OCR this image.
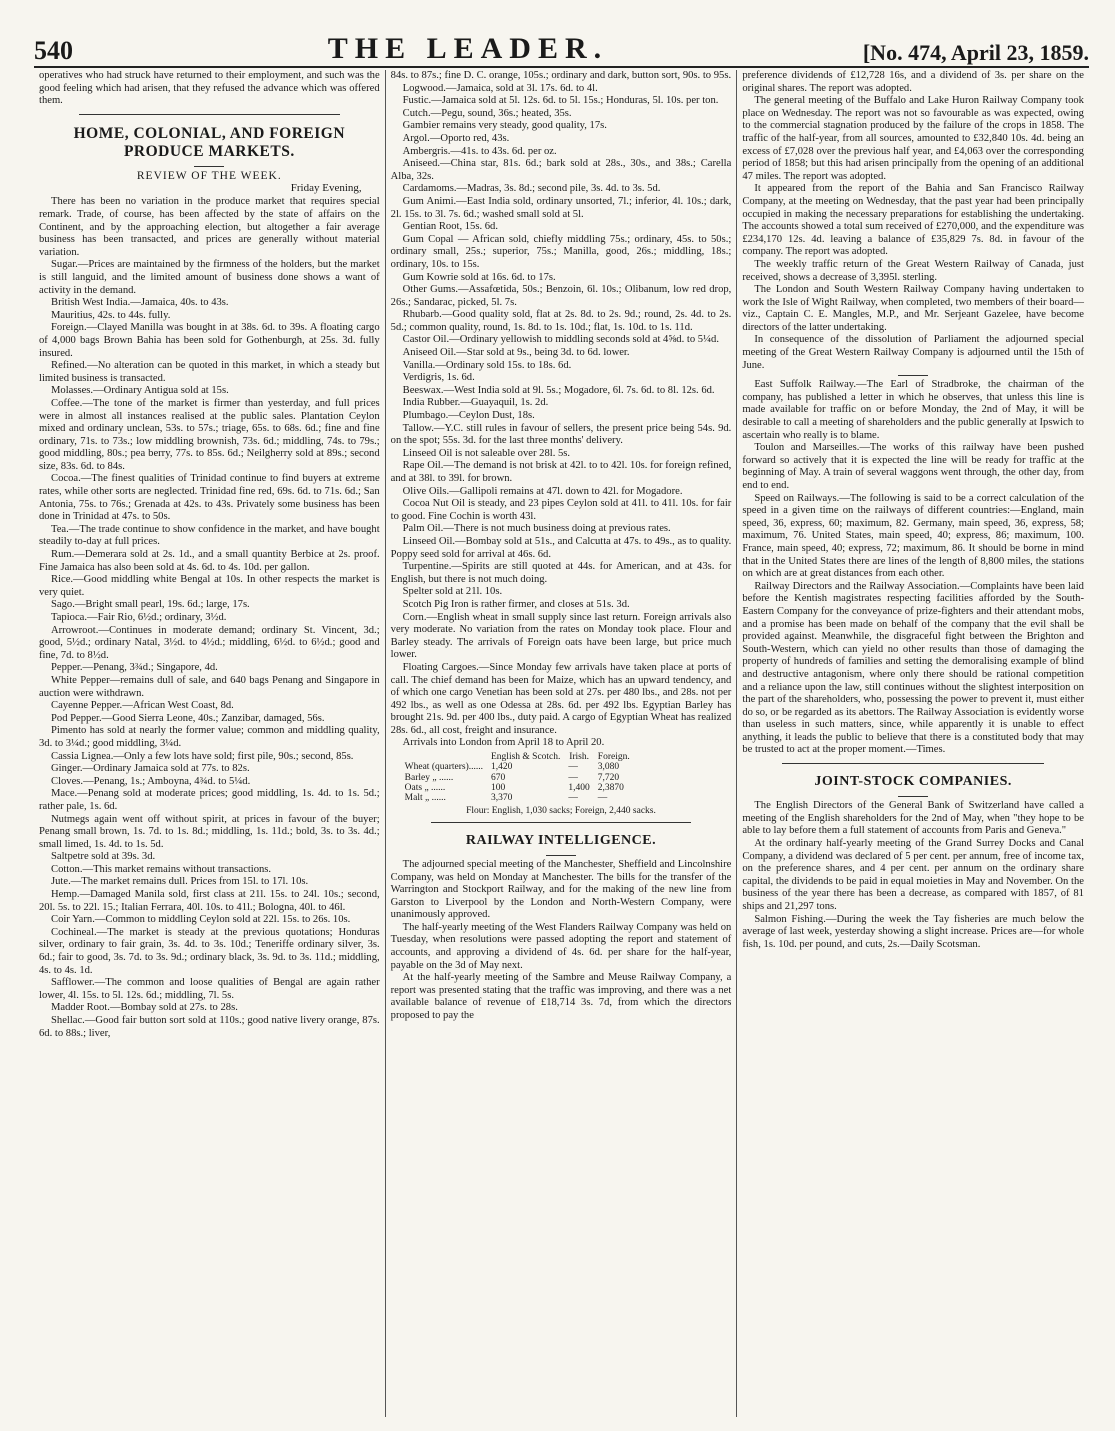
540	THE LEADER.	[No. 474, April 23, 1859.

operatives who had struck have returned to their employment, and such was the good feeling which had arisen, that they refused the advance which was offered them.

HOME, COLONIAL, AND FOREIGN PRODUCE MARKETS.
REVIEW OF THE WEEK.
Friday Evening,

There has been no variation in the produce market that requires special remark. Trade, of course, has been affected by the state of affairs on the Continent, and by the approaching election, but altogether a fair average business has been transacted, and prices are generally without material variation.

Sugar.—Prices are maintained by the firmness of the holders, but the market is still languid, and the limited amount of business done shows a want of activity in the demand.

British West India.—Jamaica, 40s. to 43s.

Mauritius, 42s. to 44s. fully.

Foreign.—Clayed Manilla was bought in at 38s. 6d. to 39s. A floating cargo of 4,000 bags Brown Bahia has been sold for Gothenburgh, at 25s. 3d. fully insured.

Refined.—No alteration can be quoted in this market, in which a steady but limited business is transacted.

Molasses.—Ordinary Antigua sold at 15s.

Coffee.—The tone of the market is firmer than yesterday, and full prices were in almost all instances realised at the public sales. Plantation Ceylon mixed and ordinary unclean, 53s. to 57s.; triage, 65s. to 68s. 6d.; fine and fine ordinary, 71s. to 73s.; low middling brownish, 73s. 6d.; middling, 74s. to 79s.; good middling, 80s.; pea berry, 77s. to 85s. 6d.; Neilgherry sold at 89s.; second size, 83s. 6d. to 84s.

Cocoa.—The finest qualities of Trinidad continue to find buyers at extreme rates, while other sorts are neglected. Trinidad fine red, 69s. 6d. to 71s. 6d.; San Antonia, 75s. to 76s.; Grenada at 42s. to 43s. Privately some business has been done in Trinidad at 47s. to 50s.

Tea.—The trade continue to show confidence in the market, and have bought steadily to-day at full prices.

Rum.—Demerara sold at 2s. 1d., and a small quantity Berbice at 2s. proof. Fine Jamaica has also been sold at 4s. 6d. to 4s. 10d. per gallon.

Rice.—Good middling white Bengal at 10s. In other respects the market is very quiet.

Sago.—Bright small pearl, 19s. 6d.; large, 17s.

Tapioca.—Fair Rio, 6½d.; ordinary, 3½d.

Arrowroot.—Continues in moderate demand; ordinary St. Vincent, 3d.; good, 5½d.; ordinary Natal, 3½d. to 4½d.; middling, 6½d. to 6½d.; good and fine, 7d. to 8½d.

Pepper.—Penang, 3¾d.; Singapore, 4d.

White Pepper—remains dull of sale, and 640 bags Penang and Singapore in auction were withdrawn.

Cayenne Pepper.—African West Coast, 8d.

Pod Pepper.—Good Sierra Leone, 40s.; Zanzibar, damaged, 56s.

Pimento has sold at nearly the former value; common and middling quality, 3d. to 3¼d.; good middling, 3¼d.

Cassia Lignea.—Only a few lots have sold; first pile, 90s.; second, 85s.

Ginger.—Ordinary Jamaica sold at 77s. to 82s.

Cloves.—Penang, 1s.; Amboyna, 4¾d. to 5¼d.

Mace.—Penang sold at moderate prices; good middling, 1s. 4d. to 1s. 5d.; rather pale, 1s. 6d.

Nutmegs again went off without spirit, at prices in favour of the buyer; Penang small brown, 1s. 7d. to 1s. 8d.; middling, 1s. 11d.; bold, 3s. to 3s. 4d.; small limed, 1s. 4d. to 1s. 5d.

Saltpetre sold at 39s. 3d.

Cotton.—This market remains without transactions.

Jute.—The market remains dull. Prices from 15l. to 17l. 10s.

Hemp.—Damaged Manila sold, first class at 21l. 15s. to 24l. 10s.; second, 20l. 5s. to 22l. 15.; Italian Ferrara, 40l. 10s. to 41l.; Bologna, 40l. to 46l.

Coir Yarn.—Common to middling Ceylon sold at 22l. 15s. to 26s. 10s.

Cochineal.—The market is steady at the previous quotations; Honduras silver, ordinary to fair grain, 3s. 4d. to 3s. 10d.; Teneriffe ordinary silver, 3s. 6d.; fair to good, 3s. 7d. to 3s. 9d.; ordinary black, 3s. 9d. to 3s. 11d.; middling, 4s. to 4s. 1d.

Safflower.—The common and loose qualities of Bengal are again rather lower, 4l. 15s. to 5l. 12s. 6d.; middling, 7l. 5s.

Madder Root.—Bombay sold at 27s. to 28s.

Shellac.—Good fair button sort sold at 110s.; good native livery orange, 87s. 6d. to 88s.; liver,

84s. to 87s.; fine D. C. orange, 105s.; ordinary and dark, button sort, 90s. to 95s.

Logwood.—Jamaica, sold at 3l. 17s. 6d. to 4l.

Fustic.—Jamaica sold at 5l. 12s. 6d. to 5l. 15s.; Honduras, 5l. 10s. per ton.

Cutch.—Pegu, sound, 36s.; heated, 35s.

Gambier remains very steady, good quality, 17s.

Argol.—Oporto red, 43s.

Ambergris.—41s. to 43s. 6d. per oz.

Aniseed.—China star, 81s. 6d.; bark sold at 28s., 30s., and 38s.; Carella Alba, 32s.

Cardamoms.—Madras, 3s. 8d.; second pile, 3s. 4d. to 3s. 5d.

Gum Animi.—East India sold, ordinary unsorted, 7l.; inferior, 4l. 10s.; dark, 2l. 15s. to 3l. 7s. 6d.; washed small sold at 5l.

Gentian Root, 15s. 6d.

Gum Copal — African sold, chiefly middling 75s.; ordinary, 45s. to 50s.; ordinary small, 25s.; superior, 75s.; Manilla, good, 26s.; middling, 18s.; ordinary, 10s. to 15s.

Gum Kowrie sold at 16s. 6d. to 17s.

Other Gums.—Assafœtida, 50s.; Benzoin, 6l. 10s.; Olibanum, low red drop, 26s.; Sandarac, picked, 5l. 7s.

Rhubarb.—Good quality sold, flat at 2s. 8d. to 2s. 9d.; round, 2s. 4d. to 2s. 5d.; common quality, round, 1s. 8d. to 1s. 10d.; flat, 1s. 10d. to 1s. 11d.

Castor Oil.—Ordinary yellowish to middling seconds sold at 4⅝d. to 5¼d.

Aniseed Oil.—Star sold at 9s., being 3d. to 6d. lower.

Vanilla.—Ordinary sold 15s. to 18s. 6d.

Verdigris, 1s. 6d.

Beeswax.—West India sold at 9l. 5s.; Mogadore, 6l. 7s. 6d. to 8l. 12s. 6d.

India Rubber.—Guayaquil, 1s. 2d.

Plumbago.—Ceylon Dust, 18s.

Tallow.—Y.C. still rules in favour of sellers, the present price being 54s. 9d. on the spot; 55s. 3d. for the last three months' delivery.

Linseed Oil is not saleable over 28l. 5s.

Rape Oil.—The demand is not brisk at 42l. to to 42l. 10s. for foreign refined, and at 38l. to 39l. for brown.

Olive Oils.—Gallipoli remains at 47l. down to 42l. for Mogadore.

Cocoa Nut Oil is steady, and 23 pipes Ceylon sold at 41l. to 41l. 10s. for fair to good. Fine Cochin is worth 43l.

Palm Oil.—There is not much business doing at previous rates.

Linseed Oil.—Bombay sold at 51s., and Calcutta at 47s. to 49s., as to quality. Poppy seed sold for arrival at 46s. 6d.

Turpentine.—Spirits are still quoted at 44s. for American, and at 43s. for English, but there is not much doing.

Spelter sold at 21l. 10s.

Scotch Pig Iron is rather firmer, and closes at 51s. 3d.

Corn.—English wheat in small supply since last return. Foreign arrivals also very moderate. No variation from the rates on Monday took place. Flour and Barley steady. The arrivals of Foreign oats have been large, but price much lower.

Floating Cargoes.—Since Monday few arrivals have taken place at ports of call. The chief demand has been for Maize, which has an upward tendency, and of which one cargo Venetian has been sold at 27s. per 480 lbs., and 28s. not per 492 lbs., as well as one Odessa at 28s. 6d. per 492 lbs. Egyptian Barley has brought 21s. 9d. per 400 lbs., duty paid. A cargo of Egyptian Wheat has realized 28s. 6d., all cost, freight and insurance.

Arrivals into London from April 18 to April 20.

	English & Scotch.	Irish.	Foreign.
Wheat (quarters)......	1,420	—	3,080
Barley „ ......	670	—	7,720
Oats „ ......	100	1,400	2,3870
Malt „ ......	3,370	—	—
Flour: English, 1,030 sacks; Foreign, 2,440 sacks.
RAILWAY INTELLIGENCE.

The adjourned special meeting of the Manchester, Sheffield and Lincolnshire Company, was held on Monday at Manchester. The bills for the transfer of the Warrington and Stockport Railway, and for the making of the new line from Garston to Liverpool by the London and North-Western Company, were unanimously approved.

The half-yearly meeting of the West Flanders Railway Company was held on Tuesday, when resolutions were passed adopting the report and statement of accounts, and approving a dividend of 4s. 6d. per share for the half-year, payable on the 3d of May next.

At the half-yearly meeting of the Sambre and Meuse Railway Company, a report was presented stating that the traffic was improving, and there was a net available balance of revenue of £18,714 3s. 7d, from which the directors proposed to pay the

preference dividends of £12,728 16s, and a dividend of 3s. per share on the original shares. The report was adopted.

The general meeting of the Buffalo and Lake Huron Railway Company took place on Wednesday. The report was not so favourable as was expected, owing to the commercial stagnation produced by the failure of the crops in 1858. The traffic of the half-year, from all sources, amounted to £32,840 10s. 4d. being an excess of £7,028 over the previous half year, and £4,063 over the corresponding period of 1858; but this had arisen principally from the opening of an additional 47 miles. The report was adopted.

It appeared from the report of the Bahia and San Francisco Railway Company, at the meeting on Wednesday, that the past year had been principally occupied in making the necessary preparations for establishing the undertaking. The accounts showed a total sum received of £270,000, and the expenditure was £234,170 12s. 4d. leaving a balance of £35,829 7s. 8d. in favour of the company. The report was adopted.

The weekly traffic return of the Great Western Railway of Canada, just received, shows a decrease of 3,395l. sterling.

The London and South Western Railway Company having undertaken to work the Isle of Wight Railway, when completed, two members of their board—viz., Captain C. E. Mangles, M.P., and Mr. Serjeant Gazelee, have become directors of the latter undertaking.

In consequence of the dissolution of Parliament the adjourned special meeting of the Great Western Railway Company is adjourned until the 15th of June.

East Suffolk Railway.—The Earl of Stradbroke, the chairman of the company, has published a letter in which he observes, that unless this line is made available for traffic on or before Monday, the 2nd of May, it will be desirable to call a meeting of shareholders and the public generally at Ipswich to ascertain who really is to blame.

Toulon and Marseilles.—The works of this railway have been pushed forward so actively that it is expected the line will be ready for traffic at the beginning of May. A train of several waggons went through, the other day, from end to end.

Speed on Railways.—The following is said to be a correct calculation of the speed in a given time on the railways of different countries:—England, main speed, 36, express, 60; maximum, 82. Germany, main speed, 36, express, 58; maximum, 76. United States, main speed, 40; express, 86; maximum, 100. France, main speed, 40; express, 72; maximum, 86. It should be borne in mind that in the United States there are lines of the length of 8,800 miles, the stations on which are at great distances from each other.

Railway Directors and the Railway Association.—Complaints have been laid before the Kentish magistrates respecting facilities afforded by the South-Eastern Company for the conveyance of prize-fighters and their attendant mobs, and a promise has been made on behalf of the company that the evil shall be provided against. Meanwhile, the disgraceful fight between the Brighton and South-Western, which can yield no other results than those of damaging the property of hundreds of families and setting the demoralising example of blind and destructive antagonism, where only there should be rational competition and a reliance upon the law, still continues without the slightest interposition on the part of the shareholders, who, possessing the power to prevent it, must either do so, or be regarded as its abettors. The Railway Association is evidently worse than useless in such matters, since, while apparently it is unable to effect anything, it leads the public to believe that there is a constituted body that may be trusted to act at the proper moment.—Times.

JOINT-STOCK COMPANIES.

The English Directors of the General Bank of Switzerland have called a meeting of the English shareholders for the 2nd of May, when "they hope to be able to lay before them a full statement of accounts from Paris and Geneva."

At the ordinary half-yearly meeting of the Grand Surrey Docks and Canal Company, a dividend was declared of 5 per cent. per annum, free of income tax, on the preference shares, and 4 per cent. per annum on the ordinary share capital, the dividends to be paid in equal moieties in May and November. On the business of the year there has been a decrease, as compared with 1857, of 81 ships and 21,297 tons.

Salmon Fishing.—During the week the Tay fisheries are much below the average of last week, yesterday showing a slight increase. Prices are—for whole fish, 1s. 10d. per pound, and cuts, 2s.—Daily Scotsman.
